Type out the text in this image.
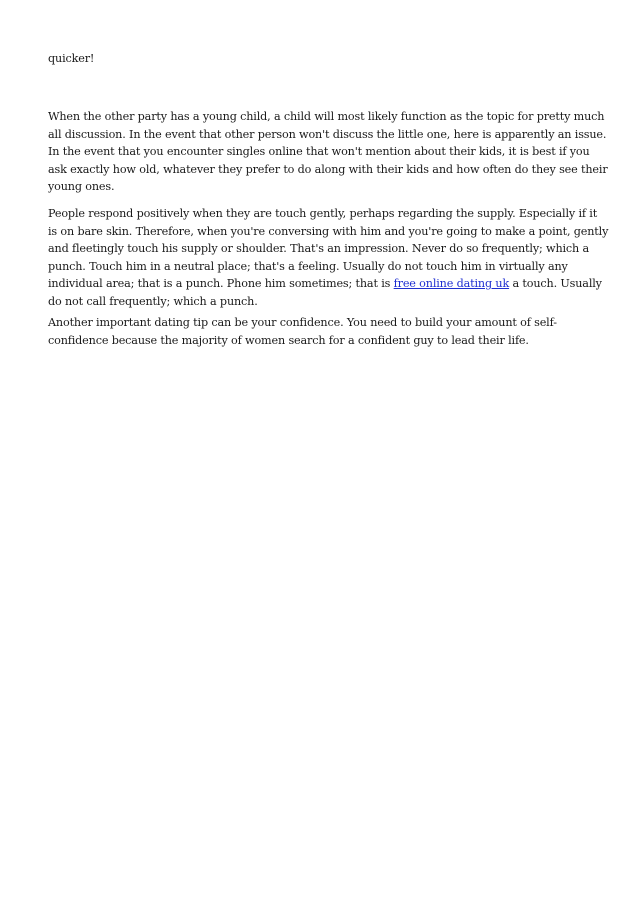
quicker!
When the other party has a young child, a child will most likely function as the topic for pretty much
all discussion. In the event that other person won't discuss the little one, here is apparently an issue.
In the event that you encounter singles online that won't mention about their kids, it is best if you
ask exactly how old, whatever they prefer to do along with their kids and how often do they see their
young ones.
People respond positively when they are touch gently, perhaps regarding the supply. Especially if it
is on bare skin. Therefore, when you're conversing with him and you're going to make a point, gently
and fleetingly touch his supply or shoulder. That's an impression. Never do so frequently; which a
punch. Touch him in a neutral place; that's a feeling. Usually do not touch him in virtually any
individual area; that is a punch. Phone him sometimes; that is free online dating uk a touch. Usually
do not call frequently; which a punch.
Another important dating tip can be your confidence. You need to build your amount of self-
confidence because the majority of women search for a confident guy to lead their life.
